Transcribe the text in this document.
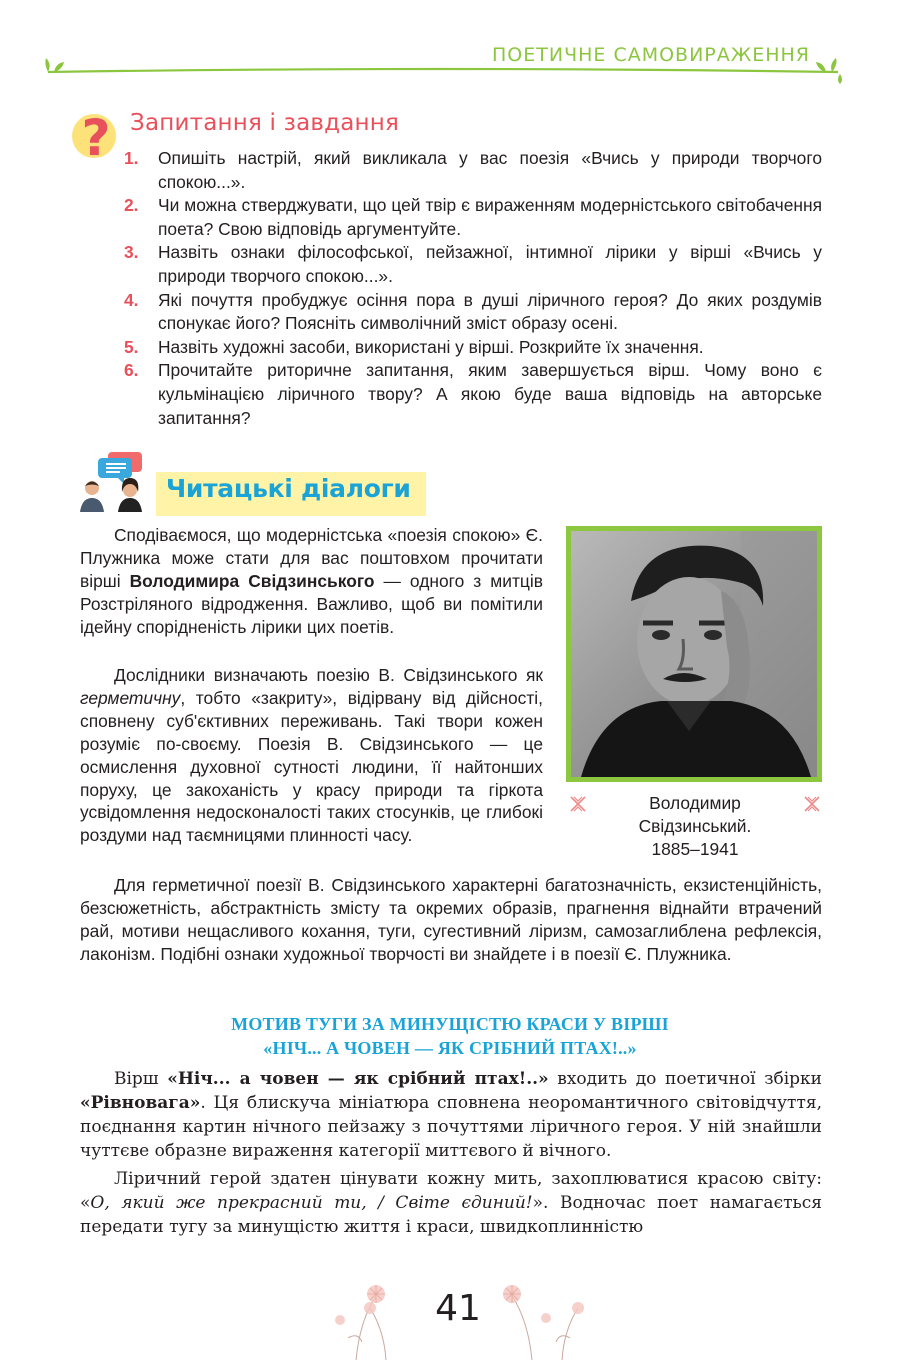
ПОЕТИЧНЕ САМОВИРАЖЕННЯ
? Запитання і завдання
1. Опишіть настрій, який викликала у вас поезія «Вчись у природи творчого спокою...».
2. Чи можна стверджувати, що цей твір є вираженням модерністського світобачення поета? Свою відповідь аргументуйте.
3. Назвіть ознаки філософської, пейзажної, інтимної лірики у вірші «Вчись у природи творчого спокою...».
4. Які почуття пробуджує осіння пора в душі ліричного героя? До яких роздумів спонукає його? Поясніть символічний зміст образу осені.
5. Назвіть художні засоби, використані у вірші. Розкрийте їх значення.
6. Прочитайте риторичне запитання, яким завершується вірш. Чому воно є кульмінацією ліричного твору? А якою буде ваша відповідь на авторське запитання?
Читацькі діалоги

Сподіваємося, що модерністська «поезія спокою» Є. Плужника може стати для вас поштовхом прочитати вірші Володимира Свідзинського — одного з митців Розстріляного відродження. Важливо, щоб ви помітили ідейну спорідненість лірики цих поетів.

Дослідники визначають поезію В. Свідзинського як герметичну, тобто «закриту», відірвану від дійсності, сповнену суб'єктивних переживань. Такі твори кожен розуміє по-своєму. Поезія В. Свідзинського — це осмислення духовної сутності людини, її найтонших поруху, це закоханість у красу природи та гіркота усвідомлення недосконалості таких стосунків, це глибокі роздуми над таємницями плинності часу.

Володимир
Свідзинський.
1885–1941

Для герметичної поезії В. Свідзинського характерні багатозначність, екзистенційність, безсюжетність, абстрактність змісту та окремих образів, прагнення віднайти втрачений рай, мотиви нещасливого кохання, туги, сугестивний ліризм, самозаглиблена рефлексія, лаконізм. Подібні ознаки художньої творчості ви знайдете і в поезії Є. Плужника.

МОТИВ ТУГИ ЗА МИНУЩІСТЮ КРАСИ У ВІРШІ
«НІЧ... А ЧОВЕН — ЯК СРІБНИЙ ПТАХ!..»

Вірш «Ніч... а човен — як срібний птах!..» входить до поетичної збірки «Рівновага». Ця блискуча мініатюра сповнена неоромантичного світовідчуття, поєднання картин нічного пейзажу з почуттями ліричного героя. У ній знайшли чуттєве образне вираження категорії миттєвого й вічного.

Ліричний герой здатен цінувати кожну мить, захоплюватися красою світу: «О, який же прекрасний ти, / Світе єдиний!». Водночас поет намагається передати тугу за минущістю життя і краси, швидкоплинністю

41
